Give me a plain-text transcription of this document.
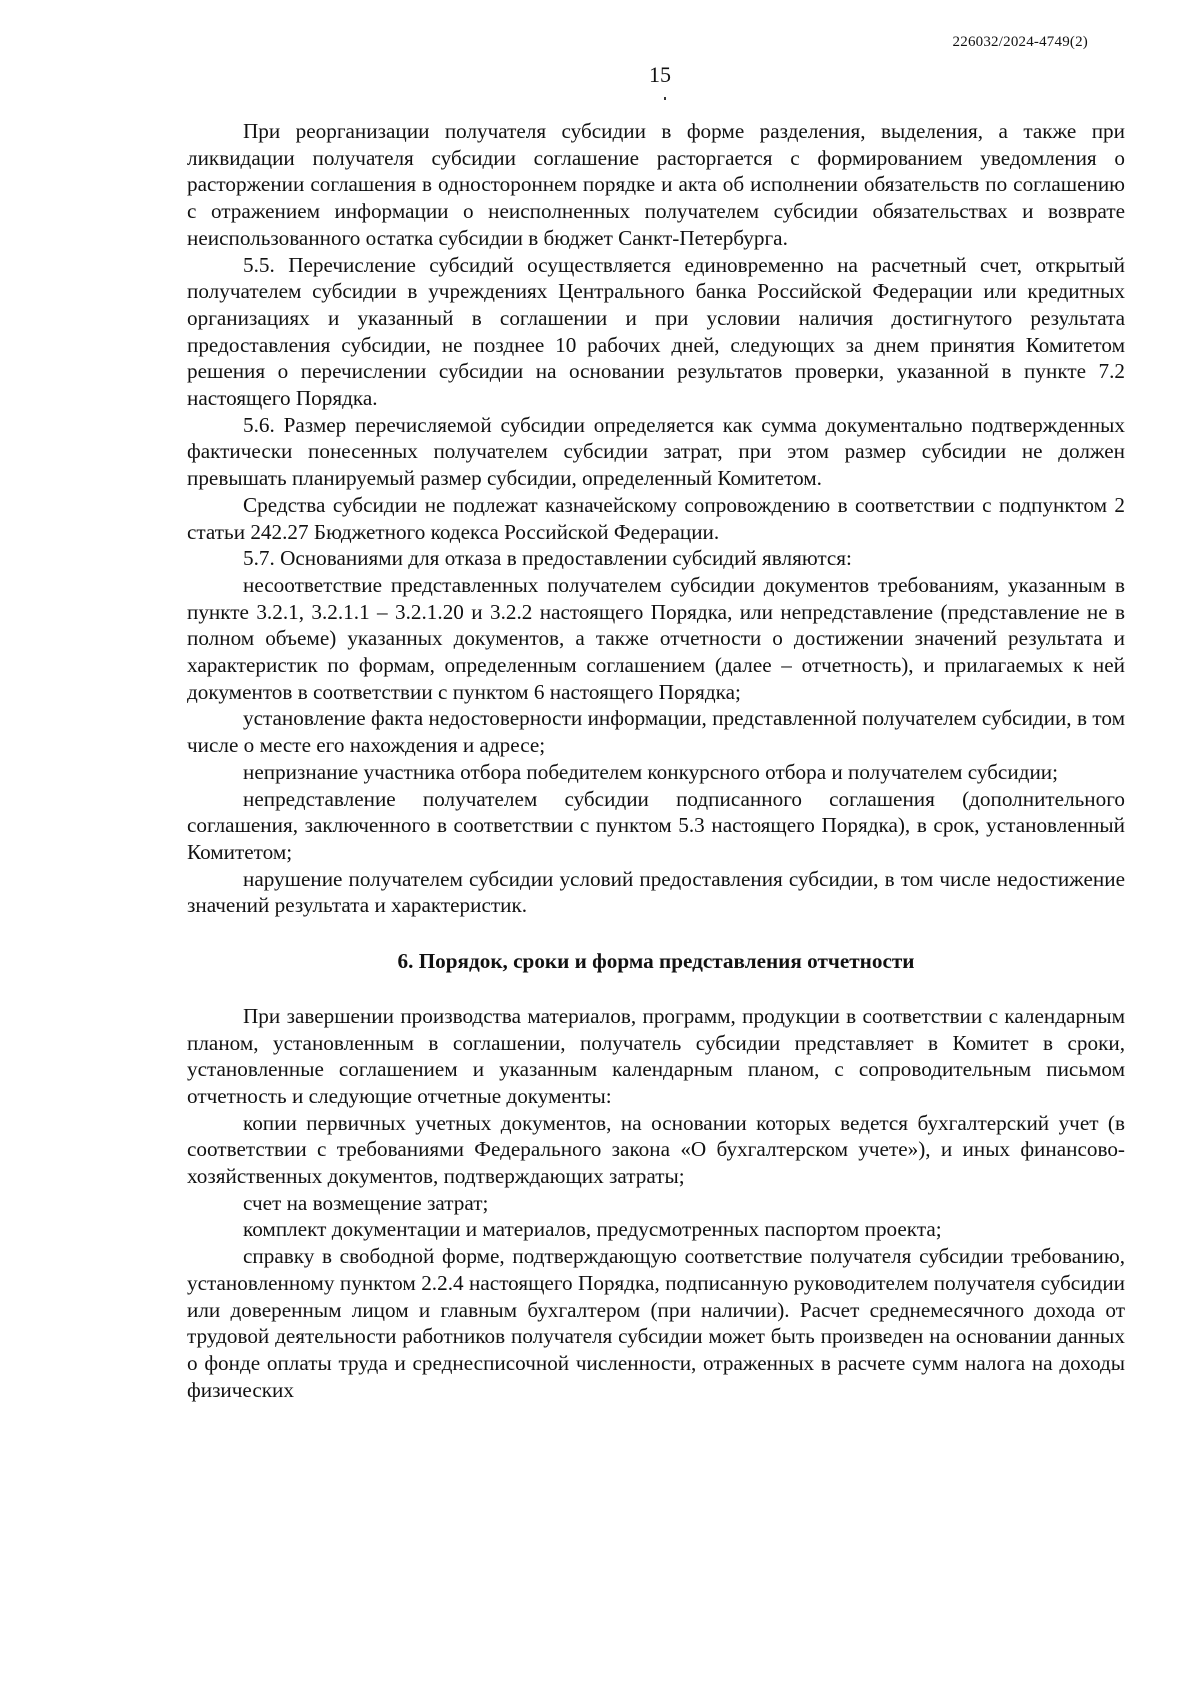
226032/2024-4749(2)
15

При реорганизации получателя субсидии в форме разделения, выделения, а также при ликвидации получателя субсидии соглашение расторгается с формированием уведомления о расторжении соглашения в одностороннем порядке и акта об исполнении обязательств по соглашению с отражением информации о неисполненных получателем субсидии обязательствах и возврате неиспользованного остатка субсидии в бюджет Санкт-Петербурга.

5.5. Перечисление субсидий осуществляется единовременно на расчетный счет, открытый получателем субсидии в учреждениях Центрального банка Российской Федерации или кредитных организациях и указанный в соглашении и при условии наличия достигнутого результата предоставления субсидии, не позднее 10 рабочих дней, следующих за днем принятия Комитетом решения о перечислении субсидии на основании результатов проверки, указанной в пункте 7.2 настоящего Порядка.

5.6. Размер перечисляемой субсидии определяется как сумма документально подтвержденных фактически понесенных получателем субсидии затрат, при этом размер субсидии не должен превышать планируемый размер субсидии, определенный Комитетом.

Средства субсидии не подлежат казначейскому сопровождению в соответствии с подпунктом 2 статьи 242.27 Бюджетного кодекса Российской Федерации.

5.7. Основаниями для отказа в предоставлении субсидий являются:

несоответствие представленных получателем субсидии документов требованиям, указанным в пункте 3.2.1, 3.2.1.1 – 3.2.1.20 и 3.2.2 настоящего Порядка, или непредставление (представление не в полном объеме) указанных документов, а также отчетности о достижении значений результата и характеристик по формам, определенным соглашением (далее – отчетность), и прилагаемых к ней документов в соответствии с пунктом 6 настоящего Порядка;

установление факта недостоверности информации, представленной получателем субсидии, в том числе о месте его нахождения и адресе;

непризнание участника отбора победителем конкурсного отбора и получателем субсидии;

непредставление получателем субсидии подписанного соглашения (дополнительного соглашения, заключенного в соответствии с пунктом 5.3 настоящего Порядка), в срок, установленный Комитетом;

нарушение получателем субсидии условий предоставления субсидии, в том числе недостижение значений результата и характеристик.

6. Порядок, сроки и форма представления отчетности

При завершении производства материалов, программ, продукции в соответствии с календарным планом, установленным в соглашении, получатель субсидии представляет в Комитет в сроки, установленные соглашением и указанным календарным планом, с сопроводительным письмом отчетность и следующие отчетные документы:

копии первичных учетных документов, на основании которых ведется бухгалтерский учет (в соответствии с требованиями Федерального закона «О бухгалтерском учете»), и иных финансово-хозяйственных документов, подтверждающих затраты;

счет на возмещение затрат;

комплект документации и материалов, предусмотренных паспортом проекта;

справку в свободной форме, подтверждающую соответствие получателя субсидии требованию, установленному пунктом 2.2.4 настоящего Порядка, подписанную руководителем получателя субсидии или доверенным лицом и главным бухгалтером (при наличии). Расчет среднемесячного дохода от трудовой деятельности работников получателя субсидии может быть произведен на основании данных о фонде оплаты труда и среднесписочной численности, отраженных в расчете сумм налога на доходы физических
